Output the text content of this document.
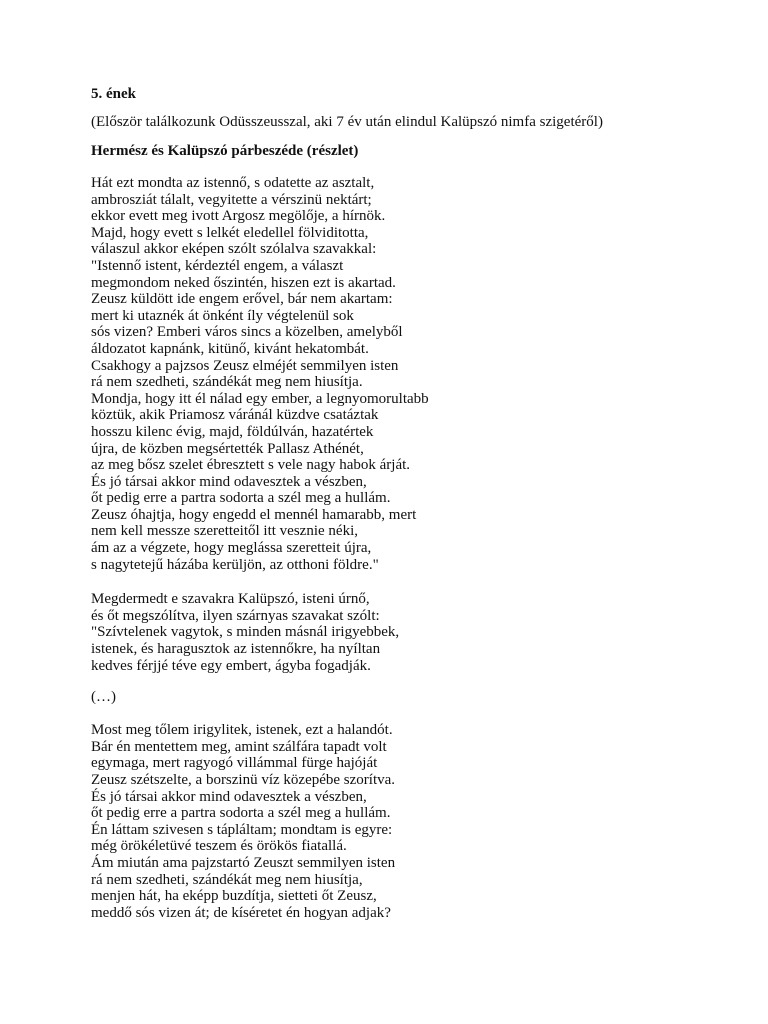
5. ének
(Először találkozunk Odüsszeusszal, aki 7 év után elindul Kalüpszó nimfa szigetéről)
Hermész és Kalüpszó párbeszéde (részlet)
Hát ezt mondta az istennő, s odatette az asztalt,
ambrosziát tálalt, vegyitette a vérszinü nektárt;
ekkor evett meg ivott Argosz megölője, a hírnök.
Majd, hogy evett s lelkét eledellel fölviditotta,
válaszul akkor eképen szólt szólalva szavakkal:
"Istennő istent, kérdeztél engem, a választ
megmondom neked őszintén, hiszen ezt is akartad.
Zeusz küldött ide engem erővel, bár nem akartam:
mert ki utaznék át önként íly végtelenül sok
sós vizen? Emberi város sincs a közelben, amelyből
áldozatot kapnánk, kitünő, kivánt hekatombát.
Csakhogy a pajzsos Zeusz elméjét semmilyen isten
rá nem szedheti, szándékát meg nem hiusítja.
Mondja, hogy itt él nálad egy ember, a legnyomorultabb
köztük, akik Priamosz váránál küzdve csatáztak
hosszu kilenc évig, majd, földúlván, hazatértek
újra, de közben megsértették Pallasz Athénét,
az meg bősz szelet ébresztett s vele nagy habok árját.
És jó társai akkor mind odavesztek a vészben,
őt pedig erre a partra sodorta a szél meg a hullám.
Zeusz óhajtja, hogy engedd el mennél hamarabb, mert
nem kell messze szeretteitől itt vesznie néki,
ám az a végzete, hogy meglássa szeretteit újra,
s nagytetejű házába kerüljön, az otthoni földre."
Megdermedt e szavakra Kalüpszó, isteni úrnő,
és őt megszólítva, ilyen szárnyas szavakat szólt:
"Szívtelenek vagytok, s minden másnál irigyebbek,
istenek, és haragusztok az istennőkre, ha nyíltan
kedves férjjé téve egy embert, ágyba fogadják.
(…)
Most meg tőlem irigylitek, istenek, ezt a halandót.
Bár én mentettem meg, amint szálfára tapadt volt
egymaga, mert ragyogó villámmal fürge hajóját
Zeusz szétszelte, a borszinü víz közepébe szorítva.
És jó társai akkor mind odavesztek a vészben,
őt pedig erre a partra sodorta a szél meg a hullám.
Én láttam szivesen s tápláltam; mondtam is egyre:
még örökéletüvé teszem és örökös fiatallá.
Ám miután ama pajzstartó Zeuszt semmilyen isten
rá nem szedheti, szándékát meg nem hiusítja,
menjen hát, ha eképp buzdítja, sietteti őt Zeusz,
meddő sós vizen át; de kíséretet én hogyan adjak?
